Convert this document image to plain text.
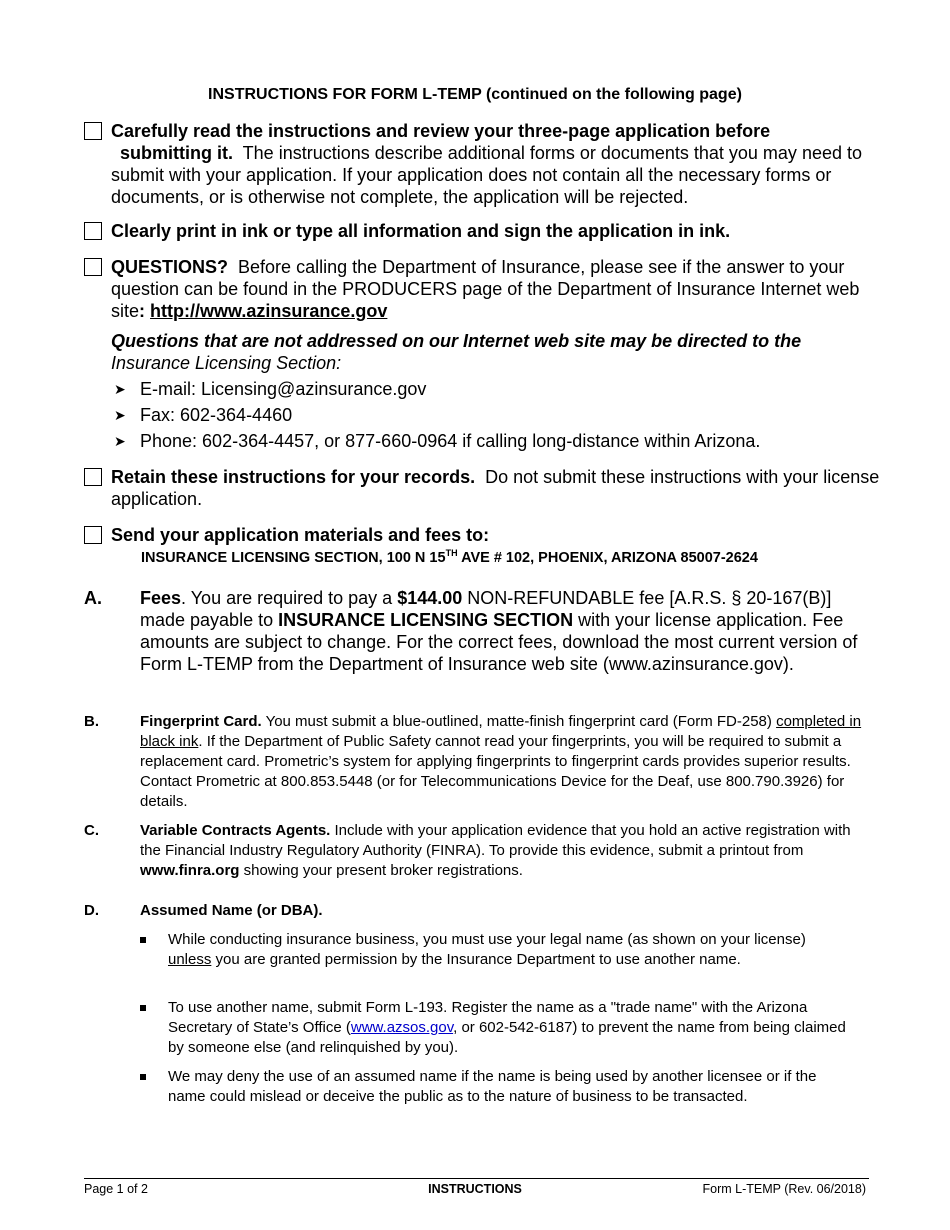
INSTRUCTIONS FOR FORM L-TEMP (continued on the following page)
Carefully read the instructions and review your three-page application before
submitting it. The instructions describe additional forms or documents that you may need to submit with your application. If your application does not contain all the necessary forms or documents, or is otherwise not complete, the application will be rejected.
Clearly print in ink or type all information and sign the application in ink.
QUESTIONS? Before calling the Department of Insurance, please see if the answer to your question can be found in the PRODUCERS page of the Department of Insurance Internet web site: http://www.azinsurance.gov
Questions that are not addressed on our Internet web site may be directed to the
Insurance Licensing Section:
➤ E-mail: Licensing@azinsurance.gov
➤ Fax: 602-364-4460
➤ Phone: 602-364-4457, or 877-660-0964 if calling long-distance within Arizona.
Retain these instructions for your records. Do not submit these instructions with your license application.
Send your application materials and fees to:
INSURANCE LICENSING SECTION, 100 N 15TH AVE # 102, PHOENIX, ARIZONA 85007-2624
A.	Fees. You are required to pay a $144.00 NON-REFUNDABLE fee [A.R.S. § 20-167(B)] made payable to INSURANCE LICENSING SECTION with your license application. Fee amounts are subject to change. For the correct fees, download the most current version of Form L-TEMP from the Department of Insurance web site (www.azinsurance.gov).
B.	Fingerprint Card. You must submit a blue-outlined, matte-finish fingerprint card (Form FD-258) completed in black ink. If the Department of Public Safety cannot read your fingerprints, you will be required to submit a replacement card. Prometric’s system for applying fingerprints to fingerprint cards provides superior results. Contact Prometric at 800.853.5448 (or for Telecommunications Device for the Deaf, use 800.790.3926) for details.
C.	Variable Contracts Agents. Include with your application evidence that you hold an active registration with the Financial Industry Regulatory Authority (FINRA). To provide this evidence, submit a printout from www.finra.org showing your present broker registrations.
D.	Assumed Name (or DBA).
While conducting insurance business, you must use your legal name (as shown on your license) unless you are granted permission by the Insurance Department to use another name.
To use another name, submit Form L-193. Register the name as a "trade name" with the Arizona Secretary of State’s Office (www.azsos.gov, or 602-542-6187) to prevent the name from being claimed by someone else (and relinquished by you).
We may deny the use of an assumed name if the name is being used by another licensee or if the name could mislead or deceive the public as to the nature of business to be transacted.
Page 1 of 2	INSTRUCTIONS	Form L-TEMP (Rev. 06/2018)
